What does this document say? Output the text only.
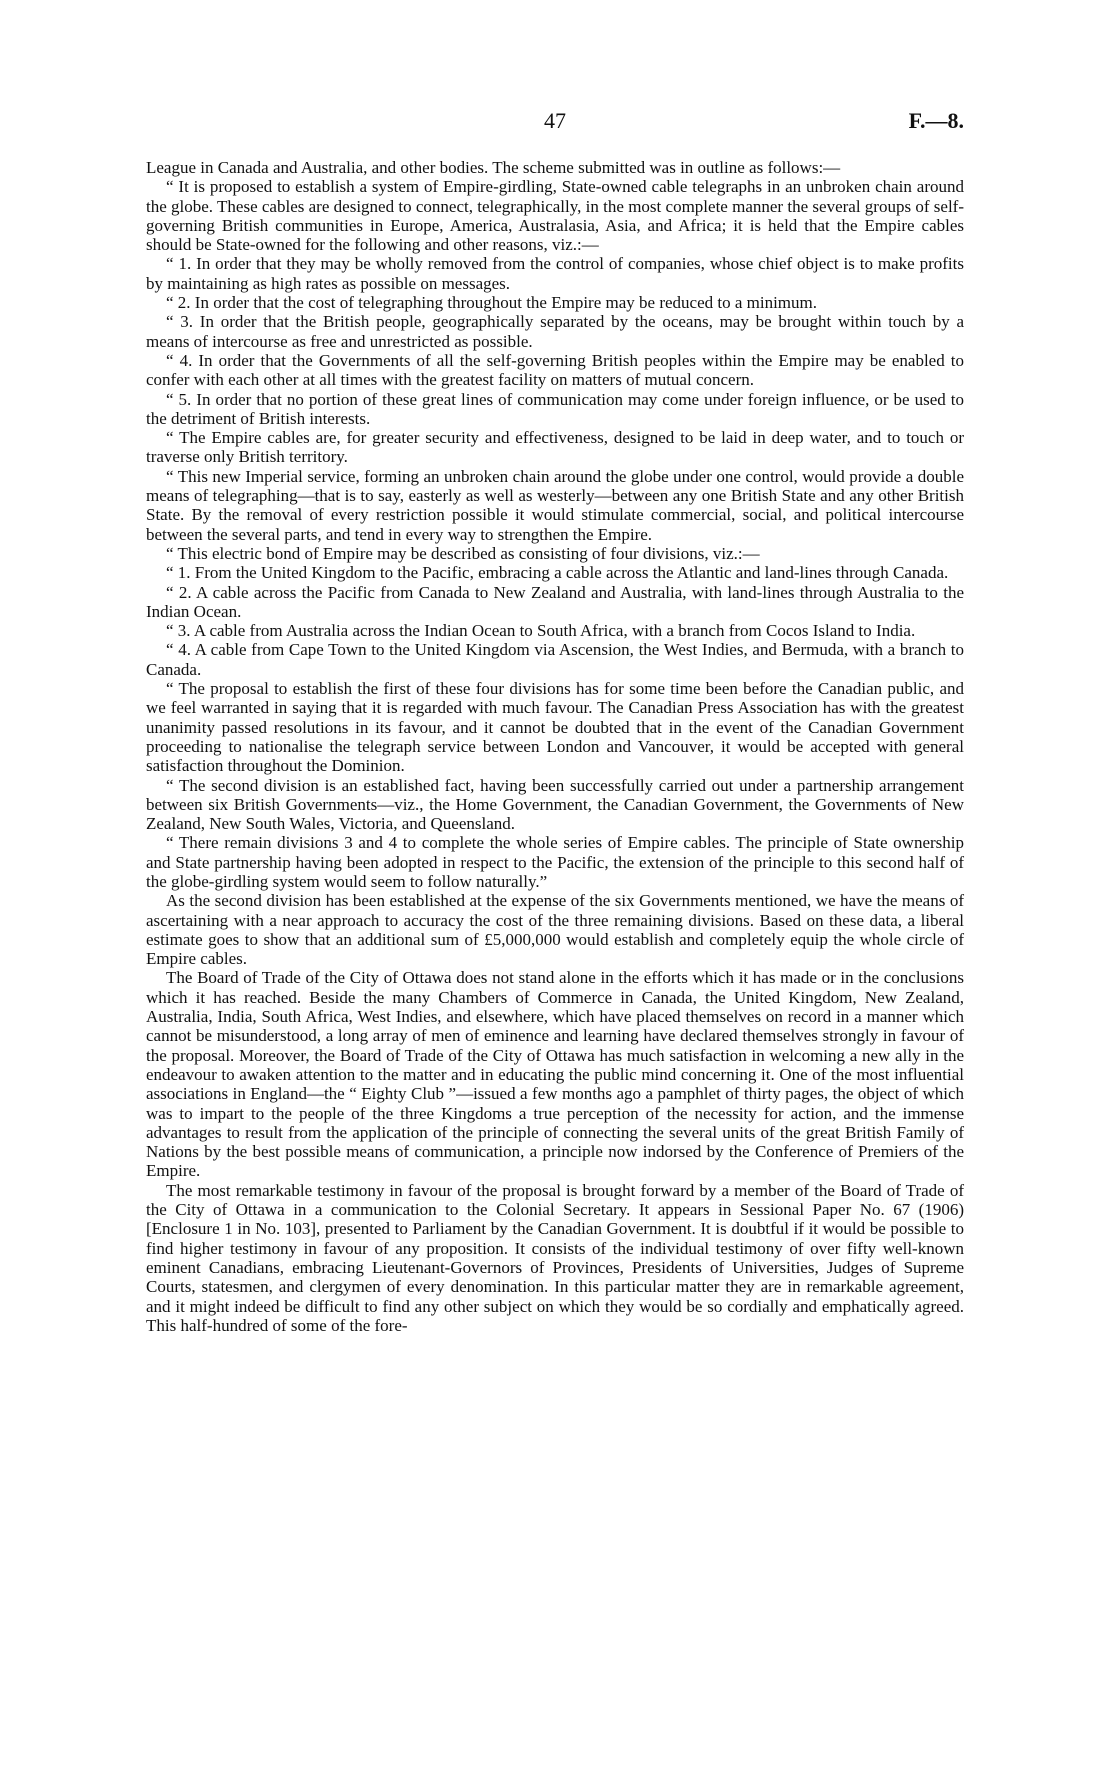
47	F.—8.

League in Canada and Australia, and other bodies. The scheme submitted was in outline as follows:—

“ It is proposed to establish a system of Empire-girdling, State-owned cable telegraphs in an unbroken chain around the globe. These cables are designed to connect, telegraphically, in the most complete manner the several groups of self-governing British communities in Europe, America, Australasia, Asia, and Africa; it is held that the Empire cables should be State-owned for the following and other reasons, viz.:—

“ 1. In order that they may be wholly removed from the control of companies, whose chief object is to make profits by maintaining as high rates as possible on messages.

“ 2. In order that the cost of telegraphing throughout the Empire may be reduced to a minimum.

“ 3. In order that the British people, geographically separated by the oceans, may be brought within touch by a means of intercourse as free and unrestricted as possible.

“ 4. In order that the Governments of all the self-governing British peoples within the Empire may be enabled to confer with each other at all times with the greatest facility on matters of mutual concern.

“ 5. In order that no portion of these great lines of communication may come under foreign influence, or be used to the detriment of British interests.

“ The Empire cables are, for greater security and effectiveness, designed to be laid in deep water, and to touch or traverse only British territory.

“ This new Imperial service, forming an unbroken chain around the globe under one control, would provide a double means of telegraphing—that is to say, easterly as well as westerly—between any one British State and any other British State. By the removal of every restriction possible it would stimulate commercial, social, and political intercourse between the several parts, and tend in every way to strengthen the Empire.

“ This electric bond of Empire may be described as consisting of four divisions, viz.:—

“ 1. From the United Kingdom to the Pacific, embracing a cable across the Atlantic and land-lines through Canada.

“ 2. A cable across the Pacific from Canada to New Zealand and Australia, with land-lines through Australia to the Indian Ocean.

“ 3. A cable from Australia across the Indian Ocean to South Africa, with a branch from Cocos Island to India.

“ 4. A cable from Cape Town to the United Kingdom via Ascension, the West Indies, and Bermuda, with a branch to Canada.

“ The proposal to establish the first of these four divisions has for some time been before the Canadian public, and we feel warranted in saying that it is regarded with much favour. The Canadian Press Association has with the greatest unanimity passed resolutions in its favour, and it cannot be doubted that in the event of the Canadian Government proceeding to nationalise the telegraph service between London and Vancouver, it would be accepted with general satisfaction throughout the Dominion.

“ The second division is an established fact, having been successfully carried out under a partnership arrangement between six British Governments—viz., the Home Government, the Canadian Government, the Governments of New Zealand, New South Wales, Victoria, and Queensland.

“ There remain divisions 3 and 4 to complete the whole series of Empire cables. The principle of State ownership and State partnership having been adopted in respect to the Pacific, the extension of the principle to this second half of the globe-girdling system would seem to follow naturally.”

As the second division has been established at the expense of the six Governments mentioned, we have the means of ascertaining with a near approach to accuracy the cost of the three remaining divisions. Based on these data, a liberal estimate goes to show that an additional sum of £5,000,000 would establish and completely equip the whole circle of Empire cables.

The Board of Trade of the City of Ottawa does not stand alone in the efforts which it has made or in the conclusions which it has reached. Beside the many Chambers of Commerce in Canada, the United Kingdom, New Zealand, Australia, India, South Africa, West Indies, and elsewhere, which have placed themselves on record in a manner which cannot be misunderstood, a long array of men of eminence and learning have declared themselves strongly in favour of the proposal. Moreover, the Board of Trade of the City of Ottawa has much satisfaction in welcoming a new ally in the endeavour to awaken attention to the matter and in educating the public mind concerning it. One of the most influential associations in England—the “ Eighty Club ”—issued a few months ago a pamphlet of thirty pages, the object of which was to impart to the people of the three Kingdoms a true perception of the necessity for action, and the immense advantages to result from the application of the principle of connecting the several units of the great British Family of Nations by the best possible means of communication, a principle now indorsed by the Conference of Premiers of the Empire.

The most remarkable testimony in favour of the proposal is brought forward by a member of the Board of Trade of the City of Ottawa in a communication to the Colonial Secretary. It appears in Sessional Paper No. 67 (1906) [Enclosure 1 in No. 103], presented to Parliament by the Canadian Government. It is doubtful if it would be possible to find higher testimony in favour of any proposition. It consists of the individual testimony of over fifty well-known eminent Canadians, embracing Lieutenant-Governors of Provinces, Presidents of Universities, Judges of Supreme Courts, statesmen, and clergymen of every denomination. In this particular matter they are in remarkable agreement, and it might indeed be difficult to find any other subject on which they would be so cordially and emphatically agreed. This half-hundred of some of the fore-
